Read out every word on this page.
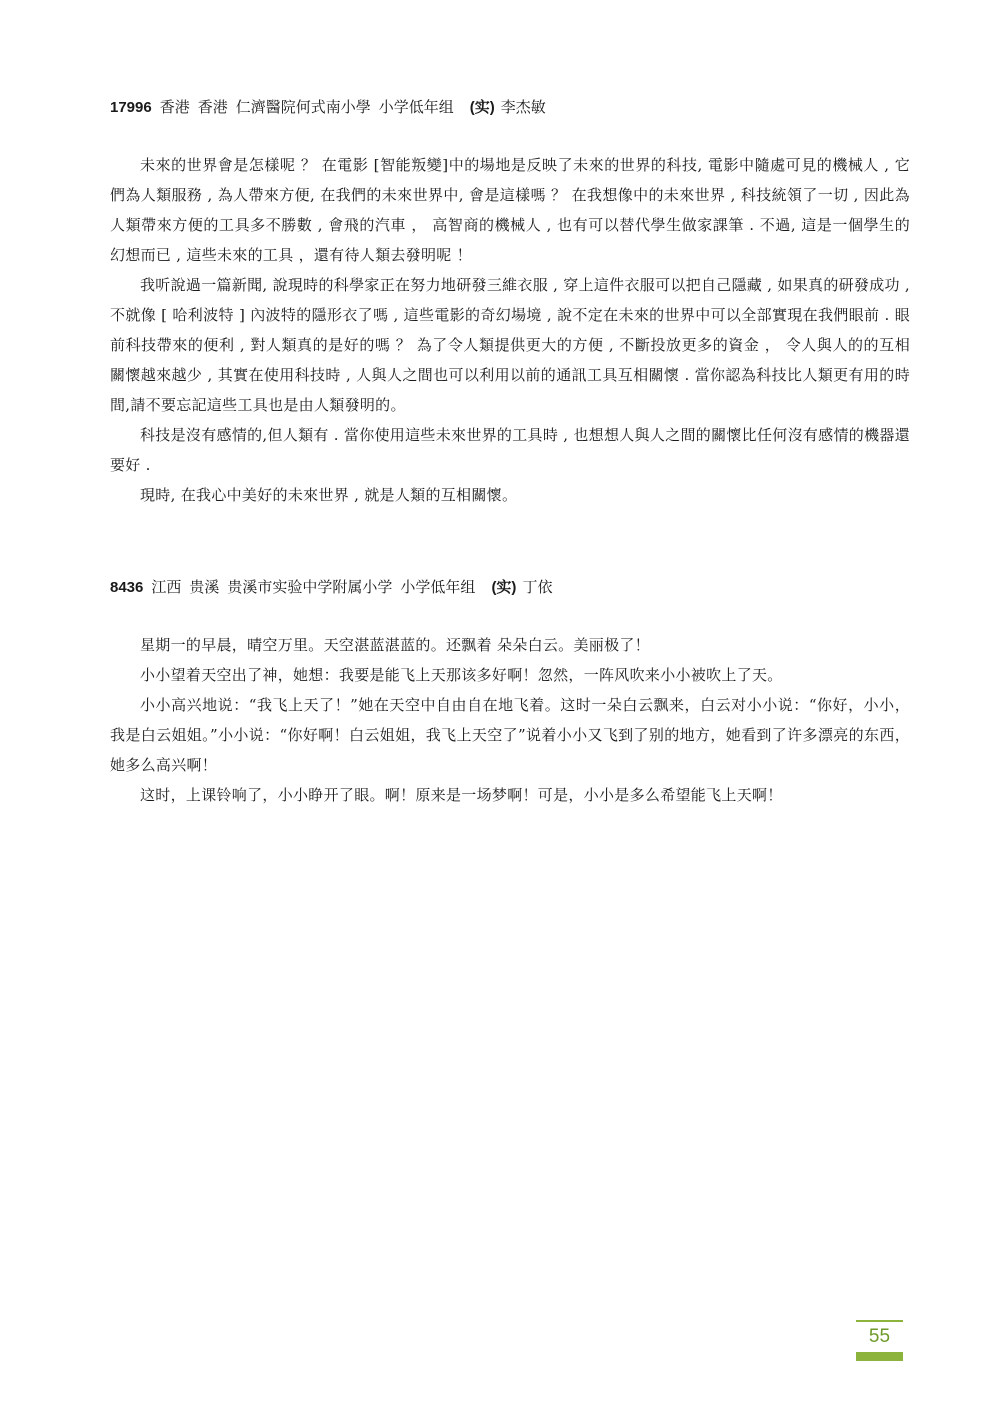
17996 香港 香港 仁濟醫院何式南小學 小学低年组 (实) 李杰敏

未來的世界會是怎樣呢 ？ 在電影 [智能叛變]中的場地是反映了未來的世界的科技, 電影中隨處可見的機械人 , 它們為人類服務 , 為人帶來方便, 在我們的未來世界中, 會是這樣嗎 ？ 在我想像中的未來世界 , 科技統領了一切 , 因此為人類帶來方便的工具多不勝數 , 會飛的汽車 ， 高智商的機械人 , 也有可以替代學生做家課筆 . 不過, 這是一個學生的幻想而已 , 這些未來的工具 ，還有待人類去發明呢 ！

我听說過一篇新聞, 說現時的科學家正在努力地研發三維衣服 , 穿上這件衣服可以把自己隱藏 , 如果真的研發成功 , 不就像 [ 哈利波特 ] 內波特的隱形衣了嗎 , 這些電影的奇幻場境 , 說不定在未來的世界中可以全部實現在我們眼前 . 眼前科技帶來的便利 , 對人類真的是好的嗎 ？ 為了令人類提供更大的方便 , 不斷投放更多的資金 ， 令人與人的的互相關懷越來越少 , 其實在使用科技時 , 人與人之間也可以利用以前的通訊工具互相關懷 . 當你認為科技比人類更有用的時間,請不要忘記這些工具也是由人類發明的。

科技是沒有感情的,但人類有 . 當你使用這些未來世界的工具時 , 也想想人與人之間的關懷比任何沒有感情的機器還要好 .

現時, 在我心中美好的未來世界 , 就是人類的互相關懷。

8436 江西 贵溪 贵溪市实验中学附属小学 小学低年组 (实) 丁依

星期一的早晨，晴空万里。天空湛蓝湛蓝的。还飘着 朵朵白云。美丽极了！

小小望着天空出了神，她想：我要是能飞上天那该多好啊！忽然，一阵风吹来小小被吹上了天。

小小高兴地说：“我飞上天了！”她在天空中自由自在地飞着。这时一朵白云飘来，白云对小小说：“你好，小小，我是白云姐姐。”小小说：“你好啊！白云姐姐，我飞上天空了”说着小小又飞到了别的地方，她看到了许多漂亮的东西，她多么高兴啊！

这时，上课铃响了，小小睁开了眼。啊！原来是一场梦啊！可是，小小是多么希望能飞上天啊！

55
